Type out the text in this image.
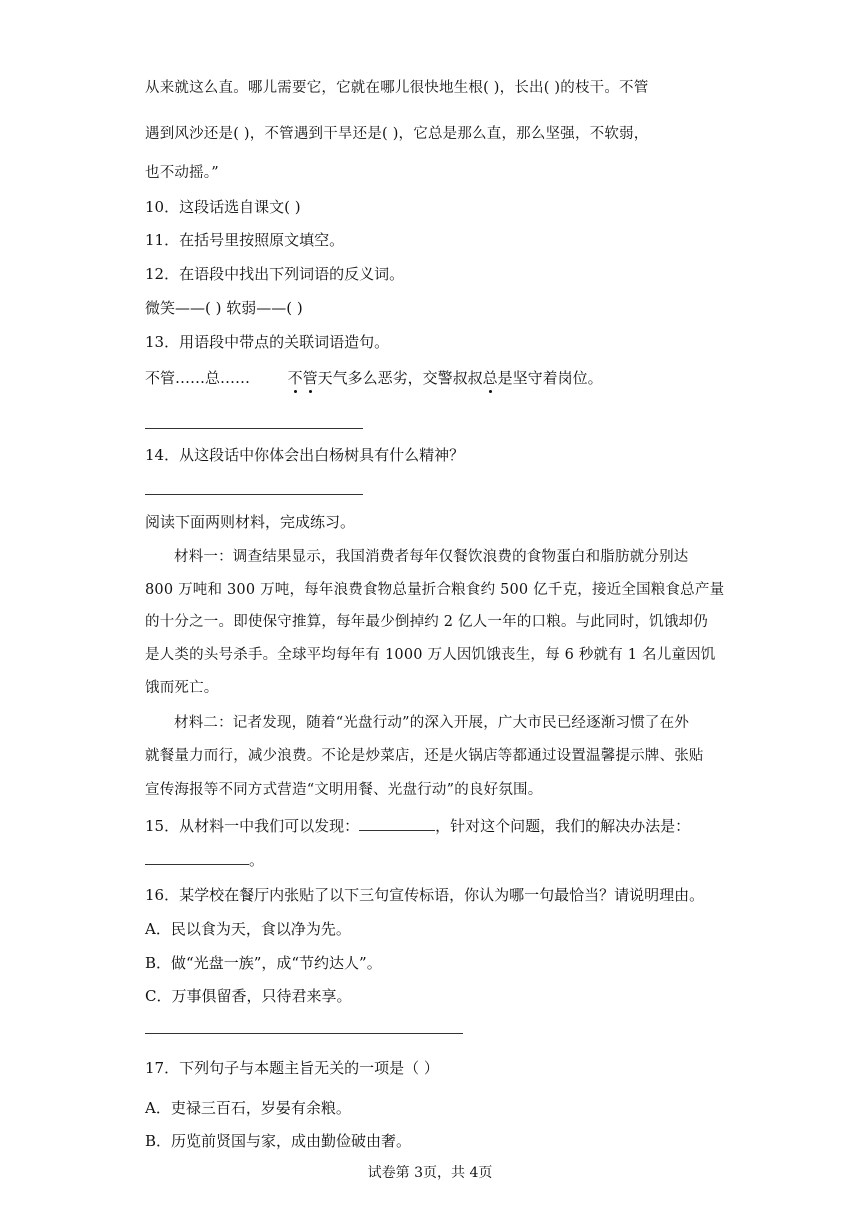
从来就这么直。哪儿需要它，它就在哪儿很快地生根( )，长出( )的枝干。不管
遇到风沙还是( )，不管遇到干旱还是( )，它总是那么直，那么坚强，不软弱，
也不动摇。”
10．这段话选自课文( )
11．在括号里按照原文填空。
12．在语段中找出下列词语的反义词。
微笑——( ) 软弱——( )
13．用语段中带点的关联词语造句。
不管……总……	不管天气多么恶劣，交警叔叔总是坚守着岗位。
14．从这段话中你体会出白杨树具有什么精神？
阅读下面两则材料，完成练习。
材料一：调查结果显示，我国消费者每年仅餐饮浪费的食物蛋白和脂肪就分别达
800 万吨和 300 万吨，每年浪费食物总量折合粮食约 500 亿千克，接近全国粮食总产量
的十分之一。即使保守推算，每年最少倒掉约 2 亿人一年的口粮。与此同时，饥饿却仍
是人类的头号杀手。全球平均每年有 1000 万人因饥饿丧生，每 6 秒就有 1 名儿童因饥
饿而死亡。
材料二：记者发现，随着“光盘行动”的深入开展，广大市民已经逐渐习惯了在外
就餐量力而行，减少浪费。不论是炒菜店，还是火锅店等都通过设置温馨提示牌、张贴
宣传海报等不同方式营造“文明用餐、光盘行动”的良好氛围。
15．从材料一中我们可以发现：	，针对这个问题，我们的解决办法是：
。
16．某学校在餐厅内张贴了以下三句宣传标语，你认为哪一句最恰当？请说明理由。
A．民以食为天，食以净为先。
B．做“光盘一族”，成“节约达人”。
C．万事俱留香，只待君来享。
17．下列句子与本题主旨无关的一项是（ ）
A．吏禄三百石，岁晏有余粮。
B．历览前贤国与家，成由勤俭破由奢。
试卷第 3页，共 4页
